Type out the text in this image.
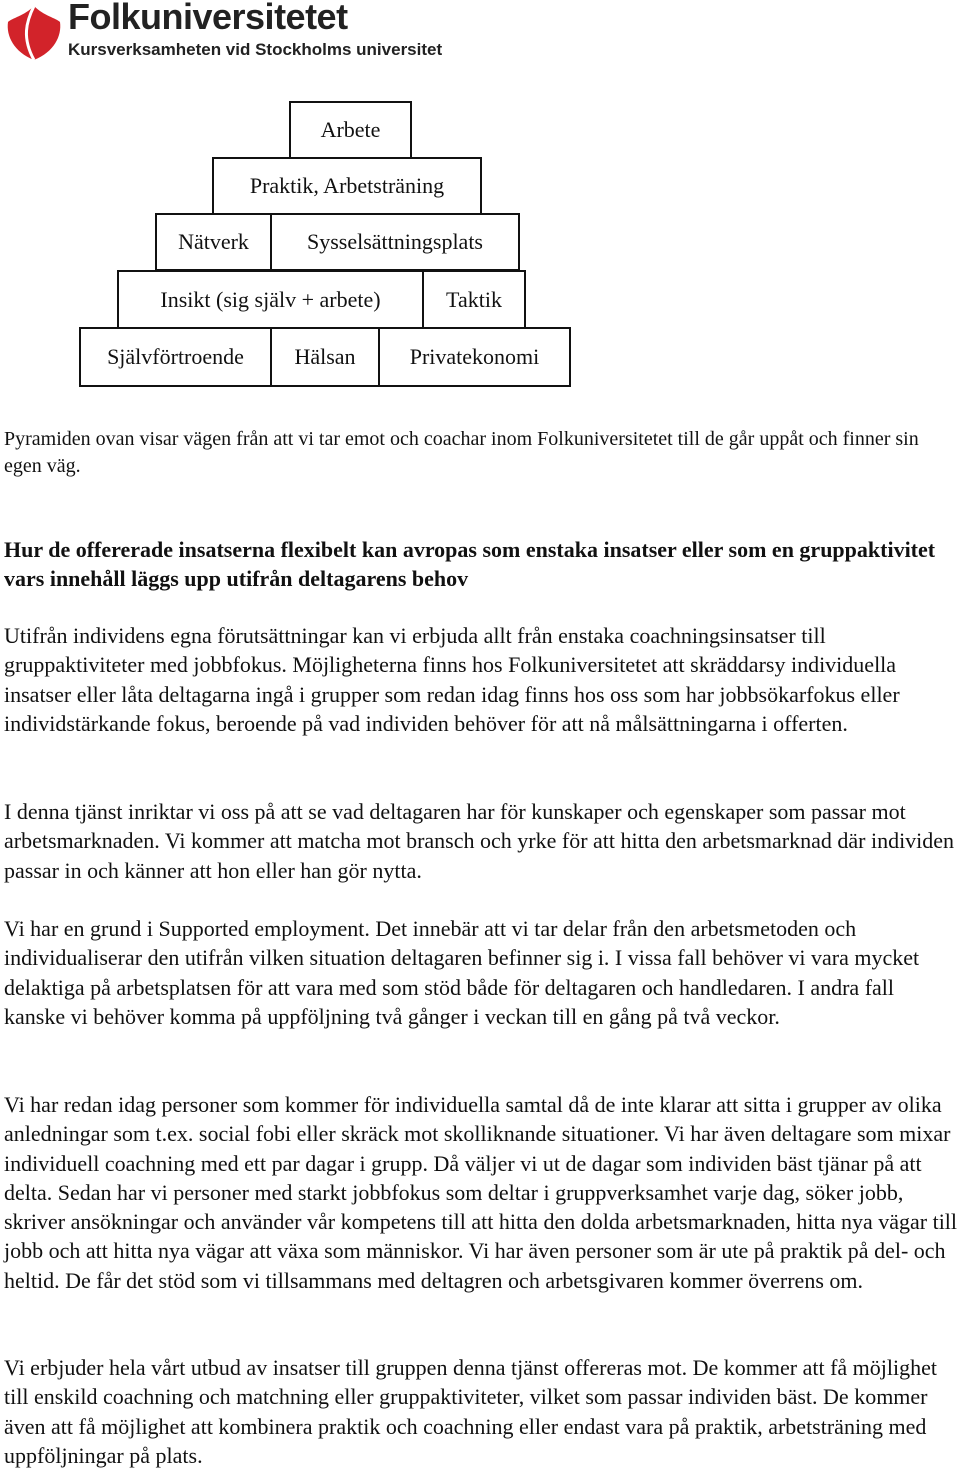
Folkuniversitetet
Kursverksamheten vid Stockholms universitet
Arbete
Praktik, Arbetsträning
Nätverk	Sysselsättningsplats
Insikt (sig själv + arbete)	Taktik
Självförtroende Hälsan Privatekonomi

Pyramiden ovan visar vägen från att vi tar emot och coachar inom Folkuniversitetet till de går uppåt och finner sin egen väg.

Hur de offererade insatserna flexibelt kan avropas som enstaka insatser eller som en gruppaktivitet vars innehåll läggs upp utifrån deltagarens behov

Utifrån individens egna förutsättningar kan vi erbjuda allt från enstaka coachningsinsatser till gruppaktiviteter med jobbfokus. Möjligheterna finns hos Folkuniversitetet att skräddarsy individuella insatser eller låta deltagarna ingå i grupper som redan idag finns hos oss som har jobbsökarfokus eller individstärkande fokus, beroende på vad individen behöver för att nå målsättningarna i offerten.

I denna tjänst inriktar vi oss på att se vad deltagaren har för kunskaper och egenskaper som passar mot arbetsmarknaden. Vi kommer att matcha mot bransch och yrke för att hitta den arbetsmarknad där individen passar in och känner att hon eller han gör nytta.

Vi har en grund i Supported employment. Det innebär att vi tar delar från den arbetsmetoden och individualiserar den utifrån vilken situation deltagaren befinner sig i. I vissa fall behöver vi vara mycket delaktiga på arbetsplatsen för att vara med som stöd både för deltagaren och handledaren. I andra fall kanske vi behöver komma på uppföljning två gånger i veckan till en gång på två veckor.

Vi har redan idag personer som kommer för individuella samtal då de inte klarar att sitta i grupper av olika anledningar som t.ex. social fobi eller skräck mot skolliknande situationer. Vi har även deltagare som mixar individuell coachning med ett par dagar i grupp. Då väljer vi ut de dagar som individen bäst tjänar på att delta. Sedan har vi personer med starkt jobbfokus som deltar i gruppverksamhet varje dag, söker jobb, skriver ansökningar och använder vår kompetens till att hitta den dolda arbetsmarknaden, hitta nya vägar till jobb och att hitta nya vägar att växa som människor. Vi har även personer som är ute på praktik på del- och heltid. De får det stöd som vi tillsammans med deltagren och arbetsgivaren kommer överrens om.

Vi erbjuder hela vårt utbud av insatser till gruppen denna tjänst offereras mot. De kommer att få möjlighet till enskild coachning och matchning eller gruppaktiviteter, vilket som passar individen bäst. De kommer även att få möjlighet att kombinera praktik och coachning eller endast vara på praktik, arbetsträning med uppföljningar på plats.
